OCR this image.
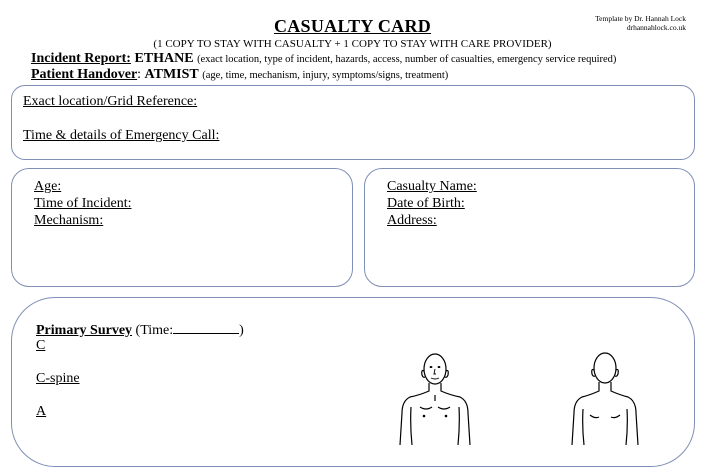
CASUALTY CARD
(1 COPY TO STAY WITH CASUALTY + 1 COPY TO STAY WITH CARE PROVIDER)
Template by Dr. Hannah Lock
drhannahlock.co.uk
Incident Report: ETHANE (exact location, type of incident, hazards, access, number of casualties, emergency service required)
Patient Handover: ATMIST (age, time, mechanism, injury, symptoms/signs, treatment)
Exact location/Grid Reference:
Time & details of Emergency Call:
Age:
Time of Incident:
Mechanism:
Casualty Name:
Date of Birth:
Address:
Primary Survey (Time:	)
C
C-spine
A
